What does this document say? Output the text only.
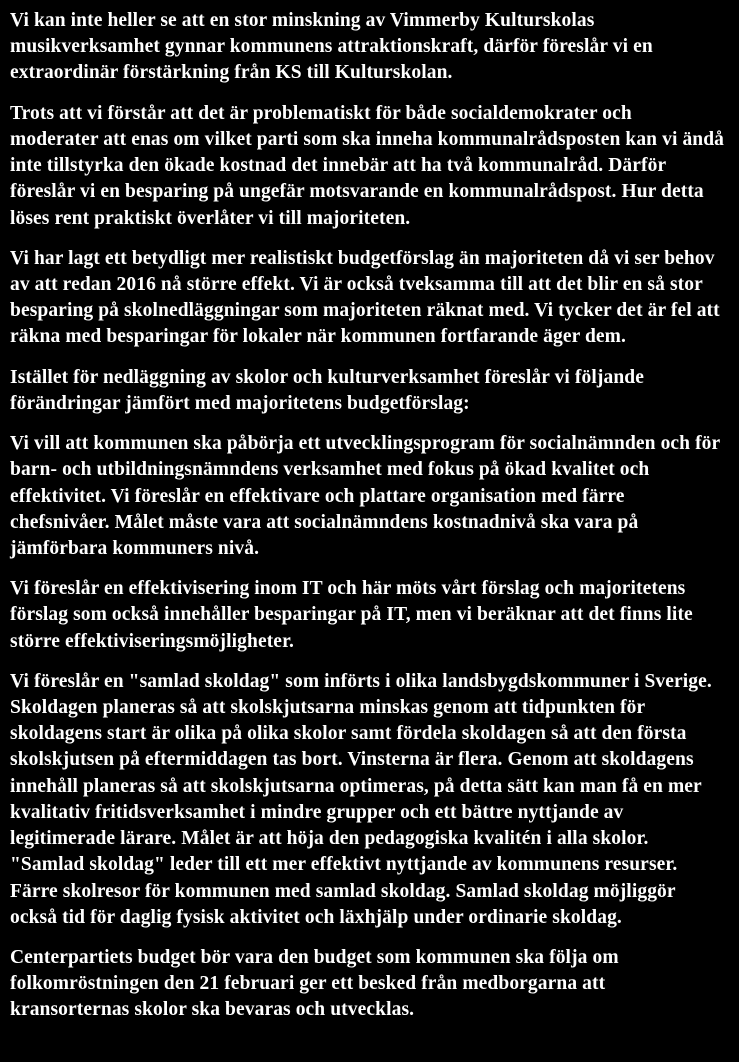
Vi kan inte heller se att en stor minskning av Vimmerby Kulturskolas musikverksamhet gynnar kommunens attraktionskraft, därför föreslår vi en extraordinär förstärkning från KS till Kulturskolan.

Trots att vi förstår att det är problematiskt för både socialdemokrater och moderater att enas om vilket parti som ska inneha kommunalrådsposten kan vi ändå inte tillstyrka den ökade kostnad det innebär att ha två kommunalråd. Därför föreslår vi en besparing på ungefär motsvarande en kommunalrådspost. Hur detta löses rent praktiskt överlåter vi till majoriteten.

Vi har lagt ett betydligt mer realistiskt budgetförslag än majoriteten då vi ser behov av att redan 2016 nå större effekt. Vi är också tveksamma till att det blir en så stor besparing på skolnedläggningar som majoriteten räknat med. Vi tycker det är fel att räkna med besparingar för lokaler när kommunen fortfarande äger dem.

Istället för nedläggning av skolor och kulturverksamhet föreslår vi följande förändringar jämfört med majoritetens budgetförslag:

Vi vill att kommunen ska påbörja ett utvecklingsprogram för socialnämnden och för barn- och utbildningsnämndens verksamhet med fokus på ökad kvalitet och effektivitet. Vi föreslår en effektivare och plattare organisation med färre chefsnivåer. Målet måste vara att socialnämndens kostnadnivå ska vara på jämförbara kommuners nivå.

Vi föreslår en effektivisering inom IT och här möts vårt förslag och majoritetens förslag som också innehåller besparingar på IT, men vi beräknar att det finns lite större effektiviseringsmöjligheter.

Vi föreslår en "samlad skoldag" som införts i olika landsbygdskommuner i Sverige. Skoldagen planeras så att skolskjutsarna minskas genom att tidpunkten för skoldagens start är olika på olika skolor samt fördela skoldagen så att den första skolskjutsen på eftermiddagen tas bort. Vinsterna är flera. Genom att skoldagens innehåll planeras så att skolskjutsarna optimeras, på detta sätt kan man få en mer kvalitativ fritidsverksamhet i mindre grupper och ett bättre nyttjande av legitimerade lärare. Målet är att höja den pedagogiska kvalitén i alla skolor. "Samlad skoldag" leder till ett mer effektivt nyttjande av kommunens resurser. Färre skolresor för kommunen med samlad skoldag. Samlad skoldag möjliggör också tid för daglig fysisk aktivitet och läxhjälp under ordinarie skoldag.

Centerpartiets budget bör vara den budget som kommunen ska följa om folkomröstningen den 21 februari ger ett besked från medborgarna att kransorternas skolor ska bevaras och utvecklas.
